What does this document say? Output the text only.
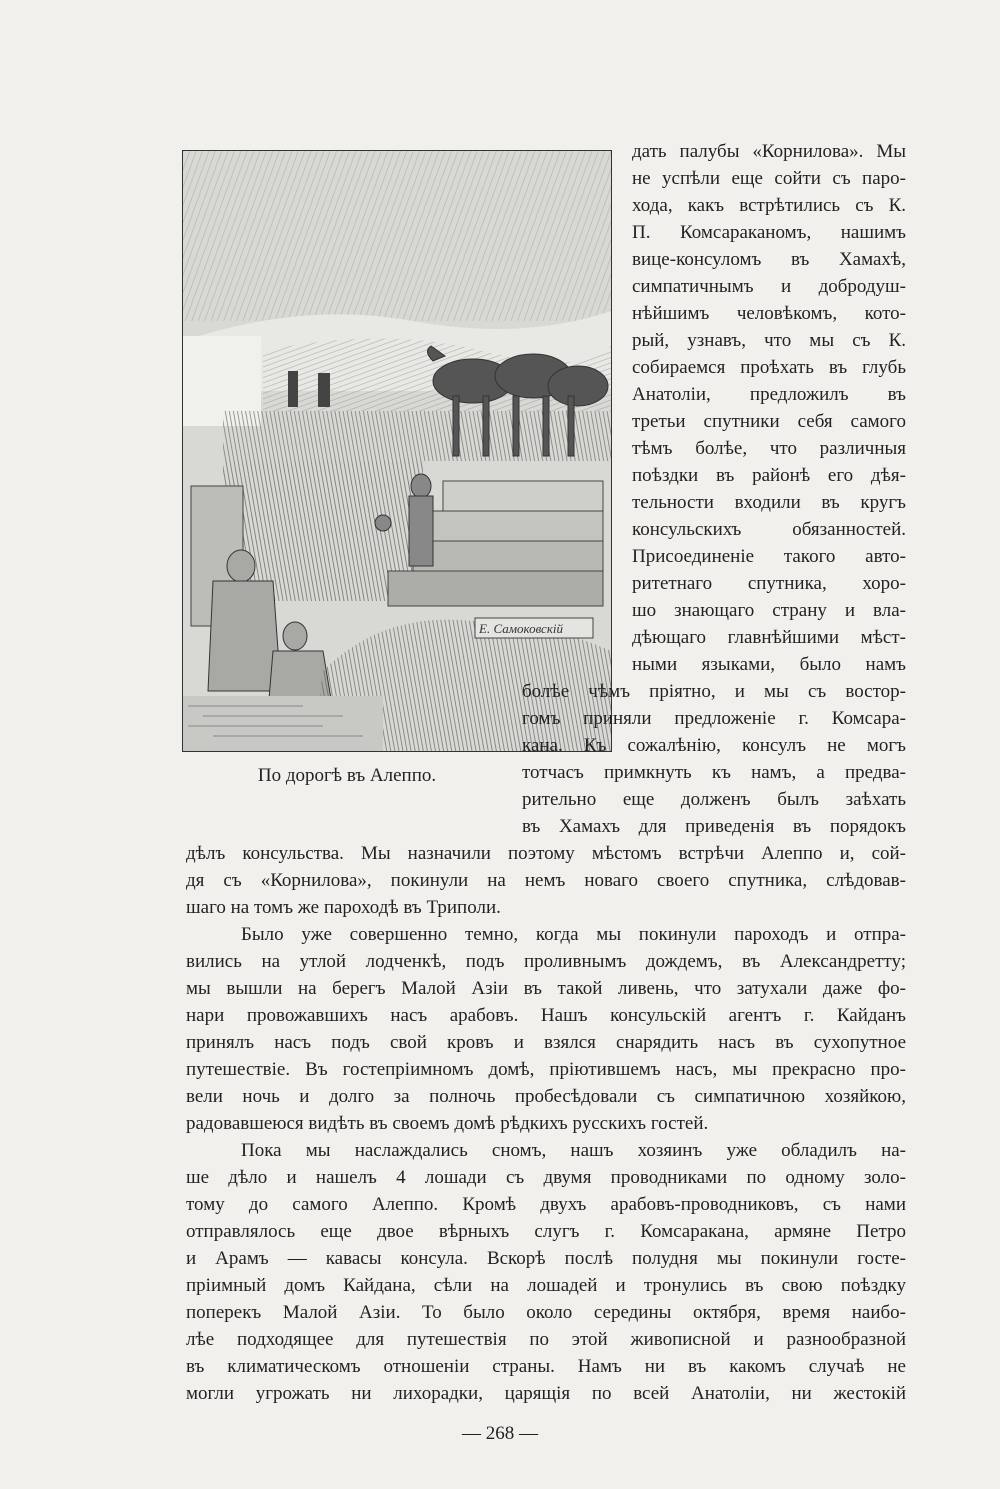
Е. Самоковскій
По дорогѣ въ Алеппо.
дать палубы «Корнилова». Мы
не успѣли еще сойти съ паро-
хода, какъ встрѣтились съ К.
П. Комсараканомъ, нашимъ
вице-консуломъ въ Хамахѣ,
симпатичнымъ и добродуш-
нѣйшимъ человѣкомъ, кото-
рый, узнавъ, что мы съ К.
собираемся проѣхать въ глубь
Анатоліи, предложилъ въ
третьи спутники себя самого
тѣмъ болѣе, что различныя
поѣздки въ районѣ его дѣя-
тельности входили въ кругъ
консульскихъ обязанностей.
Присоединеніе такого авто-
ритетнаго спутника, хоро-
шо знающаго страну и вла-
дѣющаго главнѣйшими мѣст-
ными языками, было намъ
болѣе чѣмъ пріятно, и мы съ востор-
гомъ приняли предложеніе г. Комсара-
кана. Къ сожалѣнію, консулъ не могъ
тотчасъ примкнуть къ намъ, а предва-
рительно еще долженъ былъ заѣхать
въ Хамахъ для приведенія въ порядокъ
дѣлъ консульства. Мы назначили поэтому мѣстомъ встрѣчи Алеппо и, сой-
дя съ «Корнилова», покинули на немъ новаго своего спутника, слѣдовав-
шаго на томъ же пароходѣ въ Триполи.
Было уже совершенно темно, когда мы покинули пароходъ и отпра-
вились на утлой лодченкѣ, подъ проливнымъ дождемъ, въ Александретту;
мы вышли на берегъ Малой Азіи въ такой ливень, что затухали даже фо-
нари провожавшихъ насъ арабовъ. Нашъ консульскій агентъ г. Кайданъ
принялъ насъ подъ свой кровъ и взялся снарядить насъ въ сухопутное
путешествіе. Въ гостепріимномъ домѣ, пріютившемъ насъ, мы прекрасно про-
вели ночь и долго за полночь пробесѣдовали съ симпатичною хозяйкою,
радовавшеюся видѣть въ своемъ домѣ рѣдкихъ русскихъ гостей.
Пока мы наслаждались сномъ, нашъ хозяинъ уже обладилъ на-
ше дѣло и нашелъ 4 лошади съ двумя проводниками по одному золо-
тому до самого Алеппо. Кромѣ двухъ арабовъ-проводниковъ, съ нами
отправлялось еще двое вѣрныхъ слугъ г. Комсаракана, армяне Петро
и Арамъ — кавасы консула. Вскорѣ послѣ полудня мы покинули госте-
пріимный домъ Кайдана, сѣли на лошадей и тронулись въ свою поѣздку
поперекъ Малой Азіи. То было около середины октября, время наибо-
лѣе подходящее для путешествія по этой живописной и разнообразной
въ климатическомъ отношеніи страны. Намъ ни въ какомъ случаѣ не
могли угрожать ни лихорадки, царящія по всей Анатоліи, ни жестокій
— 268 —
